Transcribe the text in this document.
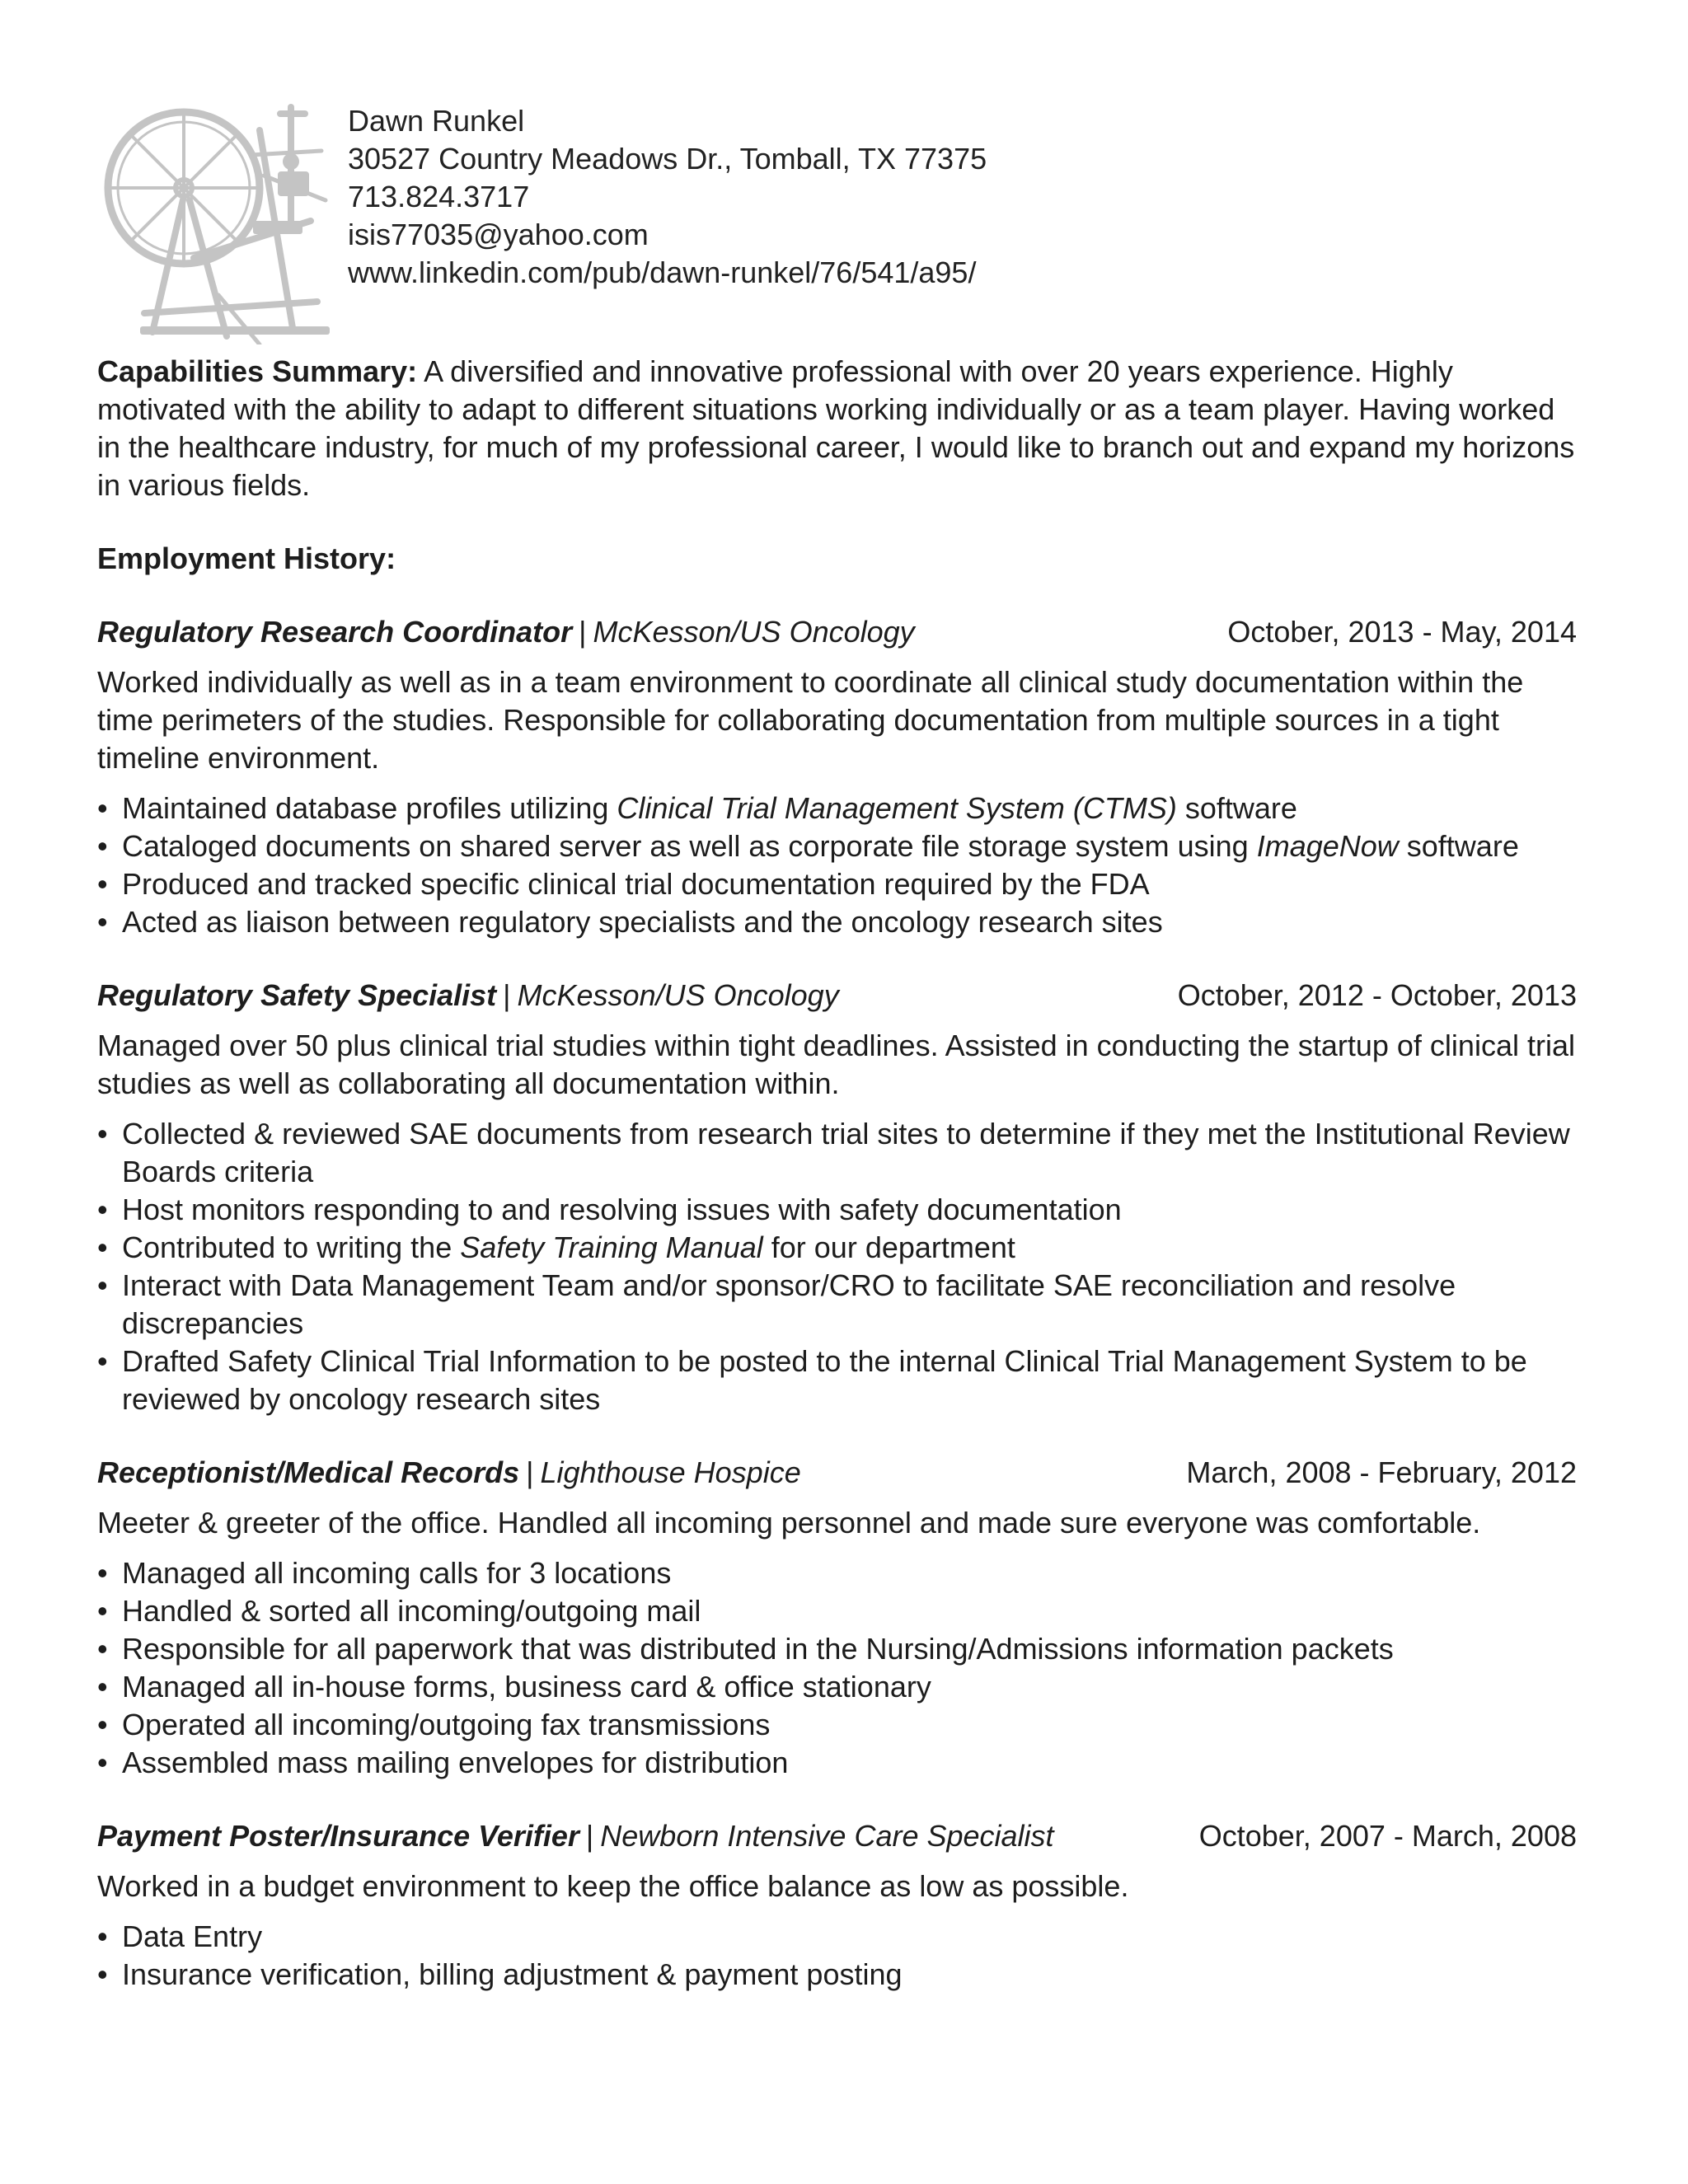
Dawn Runkel
30527 Country Meadows Dr., Tomball, TX 77375
713.824.3717
isis77035@yahoo.com
www.linkedin.com/pub/dawn-runkel/76/541/a95/

Capabilities Summary: A diversified and innovative professional with over 20 years experience. Highly motivated with the ability to adapt to different situations working individually or as a team player. Having worked in the healthcare industry, for much of my professional career, I would like to branch out and expand my horizons in various fields.

Employment History:
Regulatory Research Coordinator | McKesson/US Oncology	October, 2013 - May, 2014
Worked individually as well as in a team environment to coordinate all clinical study documentation within the time perimeters of the studies. Responsible for collaborating documentation from multiple sources in a tight timeline environment.
• Maintained database profiles utilizing Clinical Trial Management System (CTMS) software
• Cataloged documents on shared server as well as corporate file storage system using ImageNow software
• Produced and tracked specific clinical trial documentation required by the FDA
• Acted as liaison between regulatory specialists and the oncology research sites
Regulatory Safety Specialist | McKesson/US Oncology	October, 2012 - October, 2013
Managed over 50 plus clinical trial studies within tight deadlines. Assisted in conducting the startup of clinical trial studies as well as collaborating all documentation within.
• Collected & reviewed SAE documents from research trial sites to determine if they met the Institutional Review Boards criteria
• Host monitors responding to and resolving issues with safety documentation
• Contributed to writing the Safety Training Manual for our department
• Interact with Data Management Team and/or sponsor/CRO to facilitate SAE reconciliation and resolve discrepancies
• Drafted Safety Clinical Trial Information to be posted to the internal Clinical Trial Management System to be reviewed by oncology research sites
Receptionist/Medical Records | Lighthouse Hospice	March, 2008 - February, 2012
Meeter & greeter of the office. Handled all incoming personnel and made sure everyone was comfortable.
• Managed all incoming calls for 3 locations
• Handled & sorted all incoming/outgoing mail
• Responsible for all paperwork that was distributed in the Nursing/Admissions information packets
• Managed all in-house forms, business card & office stationary
• Operated all incoming/outgoing fax transmissions
• Assembled mass mailing envelopes for distribution
Payment Poster/Insurance Verifier | Newborn Intensive Care Specialist	October, 2007 - March, 2008
Worked in a budget environment to keep the office balance as low as possible.
• Data Entry
• Insurance verification, billing adjustment & payment posting
